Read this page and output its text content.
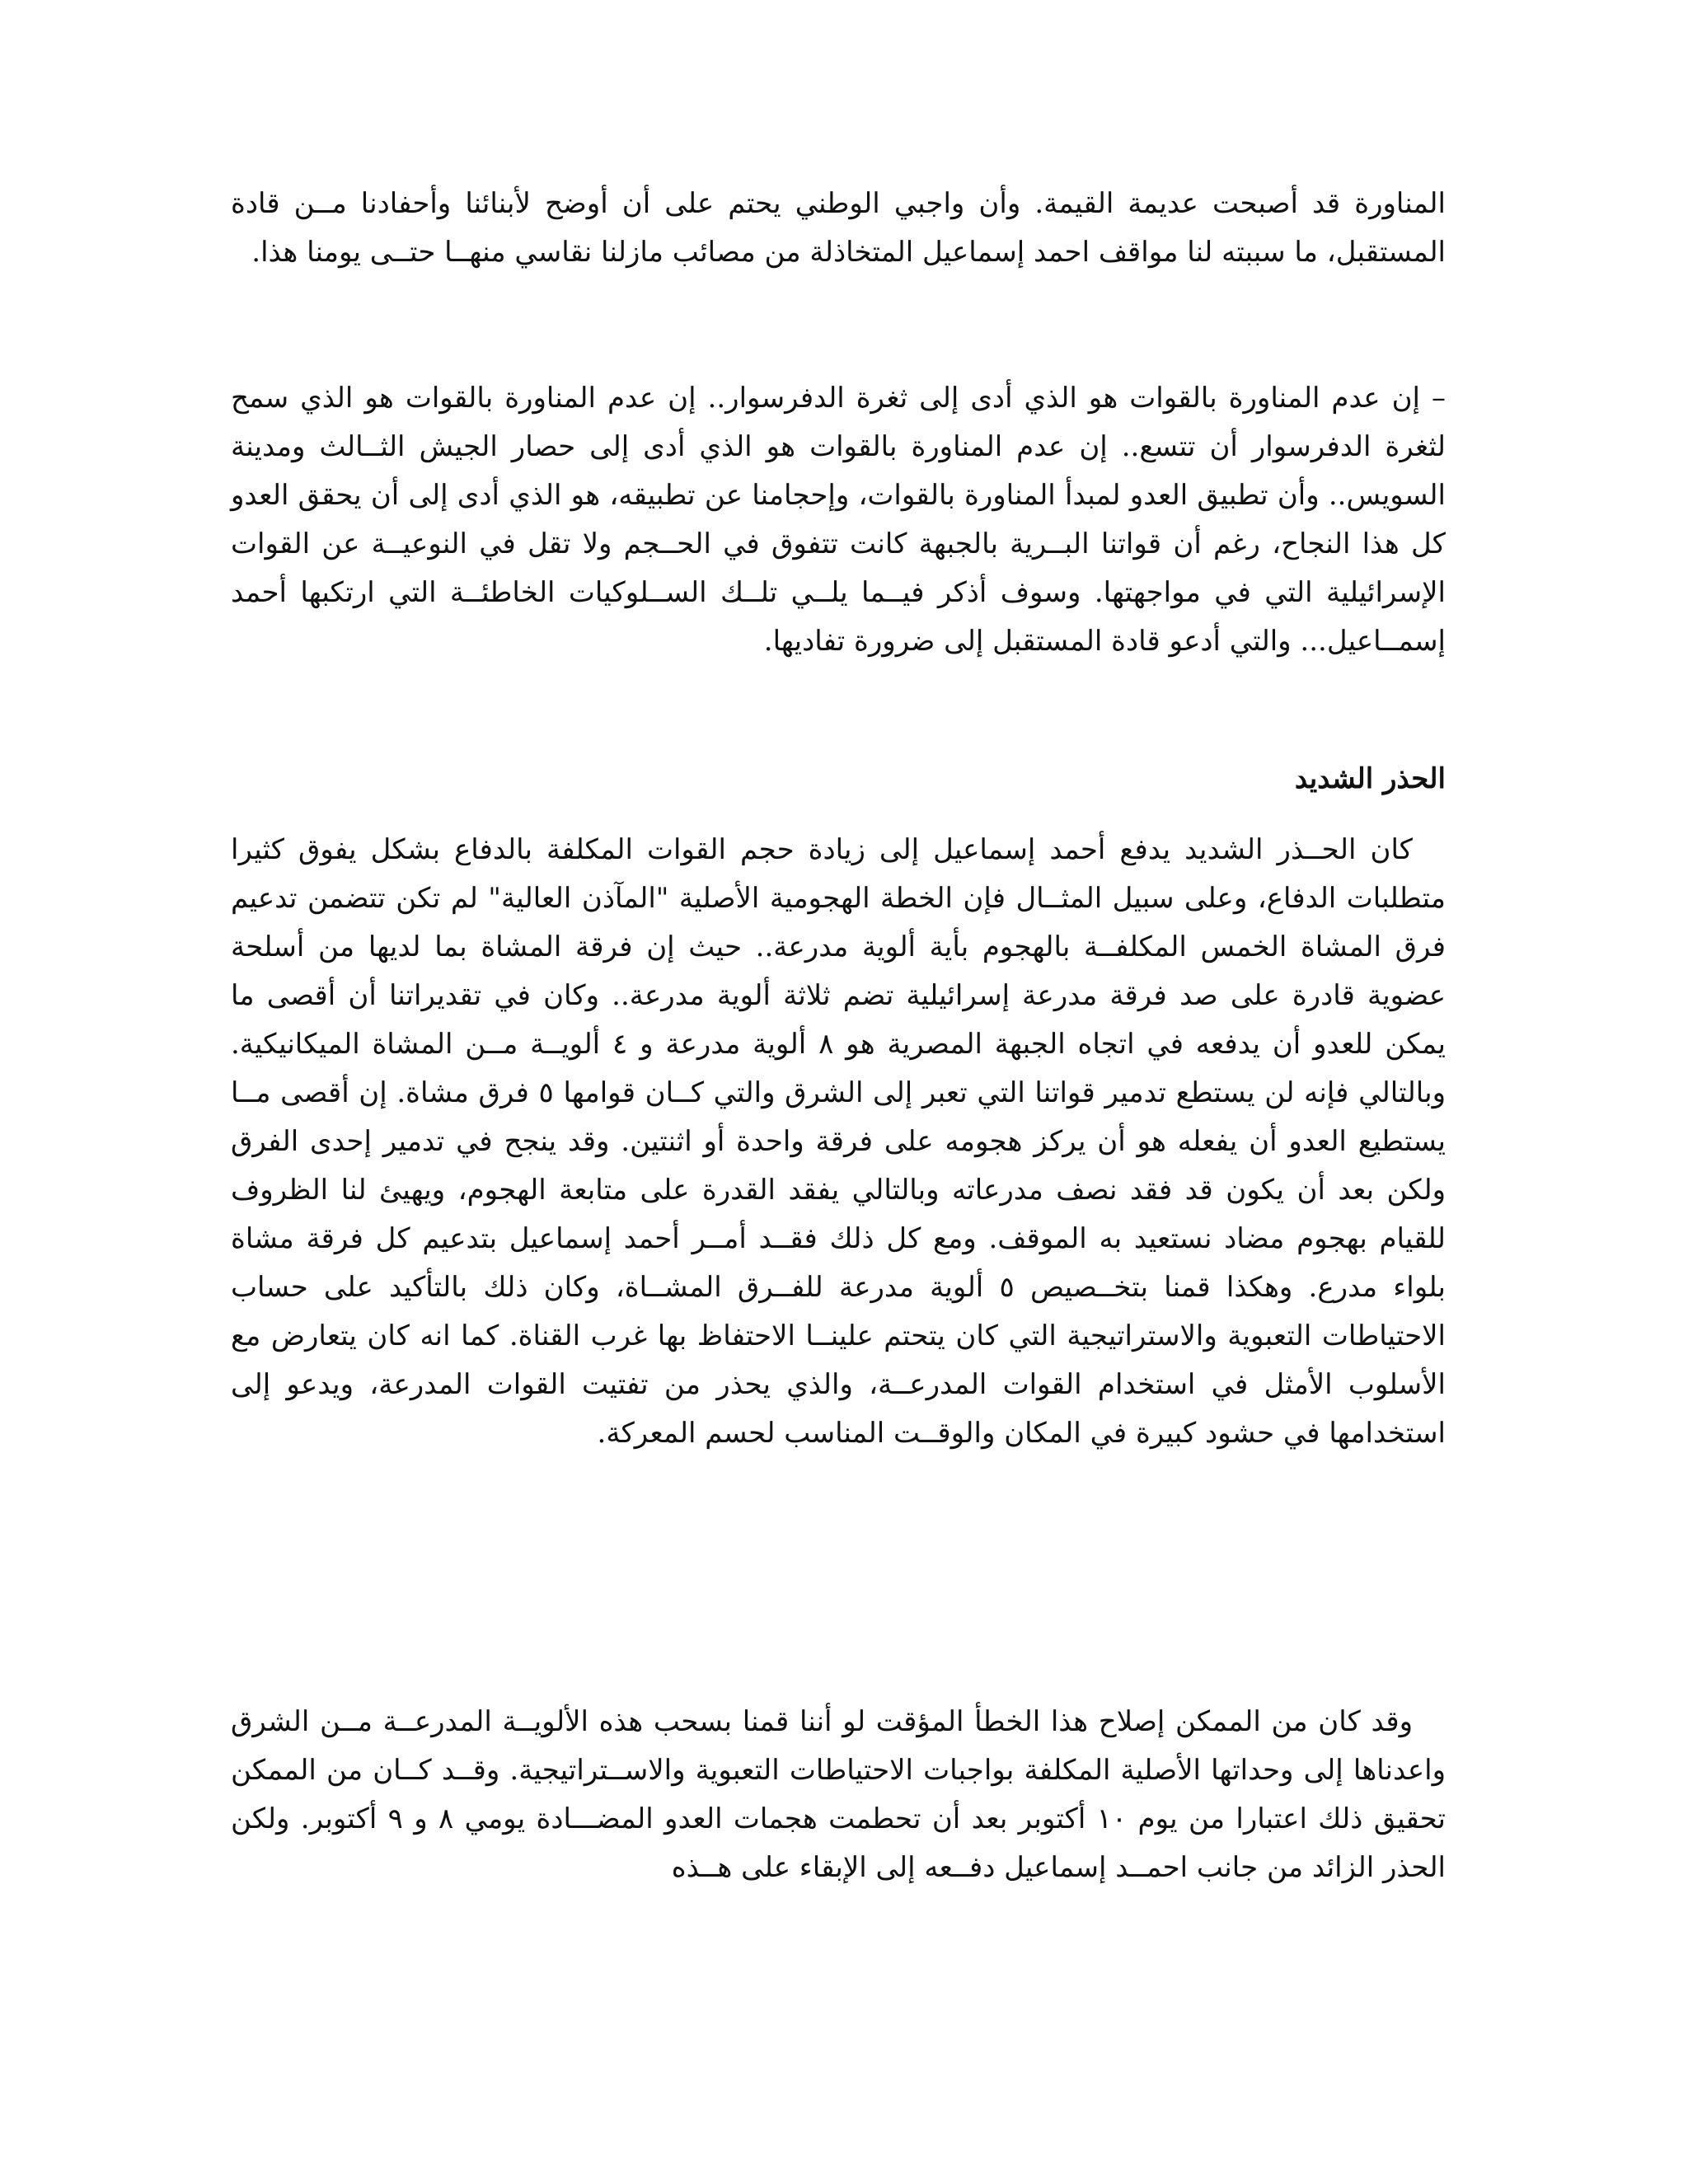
المناورة قد أصبحت عديمة القيمة. وأن واجبي الوطني يحتم على أن أوضح لأبنائنا وأحفادنا مــن قادة المستقبل، ما سببته لنا مواقف احمد إسماعيل المتخاذلة من مصائب مازلنا نقاسي منهــا حتــى يومنا هذا.

– إن عدم المناورة بالقوات هو الذي أدى إلى ثغرة الدفرسوار.. إن عدم المناورة بالقوات هو الذي سمح لثغرة الدفرسوار أن تتسع.. إن عدم المناورة بالقوات هو الذي أدى إلى حصار الجيش الثــالث ومدينة السويس.. وأن تطبيق العدو لمبدأ المناورة بالقوات، وإحجامنا عن تطبيقه، هو الذي أدى إلى أن يحقق العدو كل هذا النجاح، رغم أن قواتنا البــرية بالجبهة كانت تتفوق في الحــجم ولا تقل في النوعيــة عن القوات الإسرائيلية التي في مواجهتها. وسوف أذكر فيــما يلــي تلــك الســلوكيات الخاطئــة التي ارتكبها أحمد إسمــاعيل... والتي أدعو قادة المستقبل إلى ضرورة تفاديها.

الحذر الشديد

كان الحــذر الشديد يدفع أحمد إسماعيل إلى زيادة حجم القوات المكلفة بالدفاع بشكل يفوق كثيرا متطلبات الدفاع، وعلى سبيل المثــال فإن الخطة الهجومية الأصلية "المآذن العالية" لم تكن تتضمن تدعيم فرق المشاة الخمس المكلفــة بالهجوم بأية ألوية مدرعة.. حيث إن فرقة المشاة بما لديها من أسلحة عضوية قادرة على صد فرقة مدرعة إسرائيلية تضم ثلاثة ألوية مدرعة.. وكان في تقديراتنا أن أقصى ما يمكن للعدو أن يدفعه في اتجاه الجبهة المصرية هو ٨ ألوية مدرعة و ٤ ألويــة مــن المشاة الميكانيكية. وبالتالي فإنه لن يستطع تدمير قواتنا التي تعبر إلى الشرق والتي كــان قوامها ٥ فرق مشاة. إن أقصى مــا يستطيع العدو أن يفعله هو أن يركز هجومه على فرقة واحدة أو اثنتين. وقد ينجح في تدمير إحدى الفرق ولكن بعد أن يكون قد فقد نصف مدرعاته وبالتالي يفقد القدرة على متابعة الهجوم، ويهيئ لنا الظروف للقيام بهجوم مضاد نستعيد به الموقف. ومع كل ذلك فقــد أمــر أحمد إسماعيل بتدعيم كل فرقة مشاة بلواء مدرع. وهكذا قمنا بتخــصيص ٥ ألوية مدرعة للفــرق المشــاة، وكان ذلك بالتأكيد على حساب الاحتياطات التعبوية والاستراتيجية التي كان يتحتم علينــا الاحتفاظ بها غرب القناة. كما انه كان يتعارض مع الأسلوب الأمثل في استخدام القوات المدرعــة، والذي يحذر من تفتيت القوات المدرعة، ويدعو إلى استخدامها في حشود كبيرة في المكان والوقــت المناسب لحسم المعركة.

وقد كان من الممكن إصلاح هذا الخطأ المؤقت لو أننا قمنا بسحب هذه الألويــة المدرعــة مــن الشرق واعدناها إلى وحداتها الأصلية المكلفة بواجبات الاحتياطات التعبوية والاســتراتيجية. وقــد كــان من الممكن تحقيق ذلك اعتبارا من يوم ١٠ أكتوبر بعد أن تحطمت هجمات العدو المضـــادة يومي ٨ و ٩ أكتوبر. ولكن الحذر الزائد من جانب احمــد إسماعيل دفــعه إلى الإبقاء على هــذه
